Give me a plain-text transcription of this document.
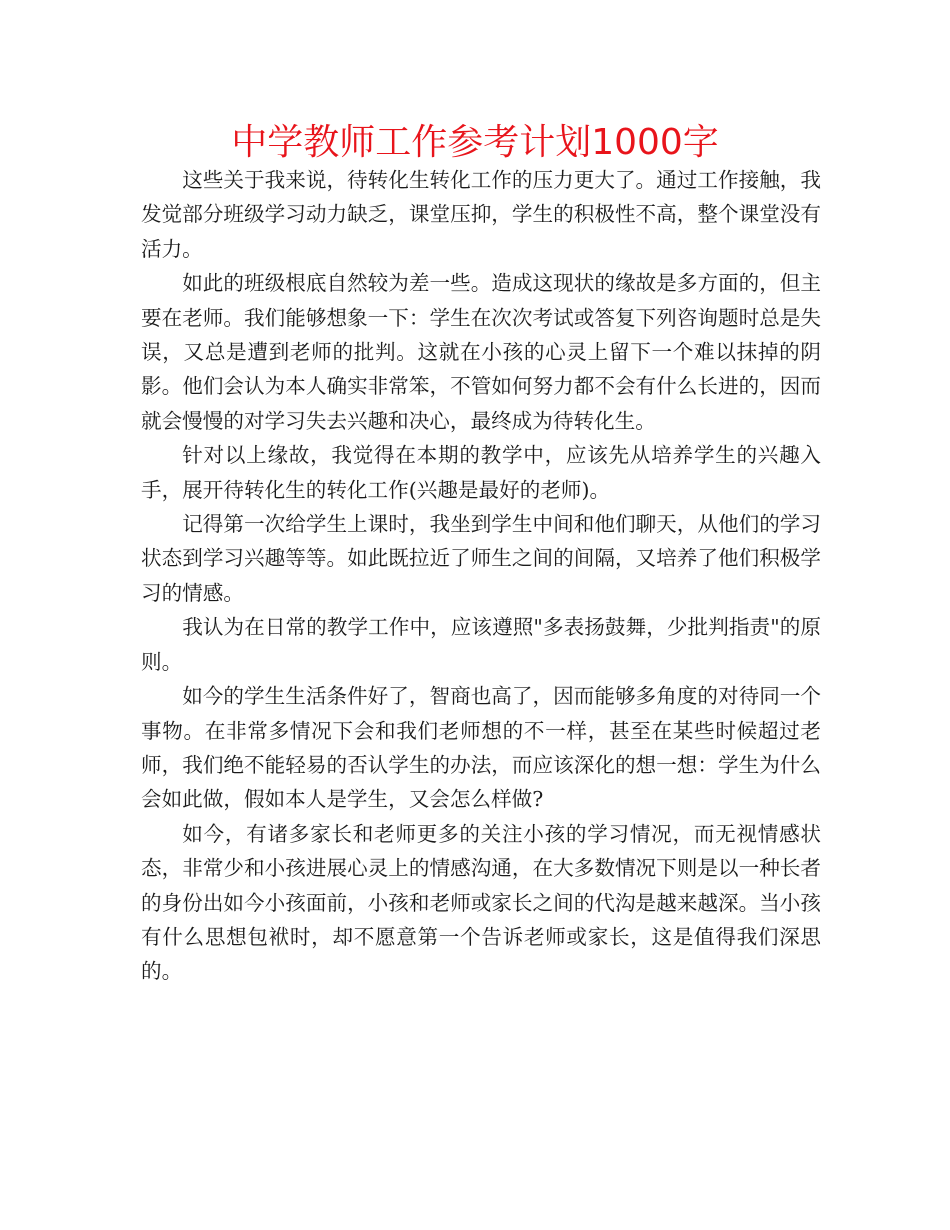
中学教师工作参考计划1000字

这些关于我来说，待转化生转化工作的压力更大了。通过工作接触，我发觉部分班级学习动力缺乏，课堂压抑，学生的积极性不高，整个课堂没有活力。

如此的班级根底自然较为差一些。造成这现状的缘故是多方面的，但主要在老师。我们能够想象一下：学生在次次考试或答复下列咨询题时总是失误，又总是遭到老师的批判。这就在小孩的心灵上留下一个难以抹掉的阴影。他们会认为本人确实非常笨，不管如何努力都不会有什么长进的，因而就会慢慢的对学习失去兴趣和决心，最终成为待转化生。

针对以上缘故，我觉得在本期的教学中，应该先从培养学生的兴趣入手，展开待转化生的转化工作(兴趣是最好的老师)。

记得第一次给学生上课时，我坐到学生中间和他们聊天，从他们的学习状态到学习兴趣等等。如此既拉近了师生之间的间隔，又培养了他们积极学习的情感。

我认为在日常的教学工作中，应该遵照"多表扬鼓舞，少批判指责"的原则。

如今的学生生活条件好了，智商也高了，因而能够多角度的对待同一个事物。在非常多情况下会和我们老师想的不一样，甚至在某些时候超过老师，我们绝不能轻易的否认学生的办法，而应该深化的想一想：学生为什么会如此做，假如本人是学生，又会怎么样做?

如今，有诸多家长和老师更多的关注小孩的学习情况，而无视情感状态，非常少和小孩进展心灵上的情感沟通，在大多数情况下则是以一种长者的身份出如今小孩面前，小孩和老师或家长之间的代沟是越来越深。当小孩有什么思想包袱时，却不愿意第一个告诉老师或家长，这是值得我们深思的。
